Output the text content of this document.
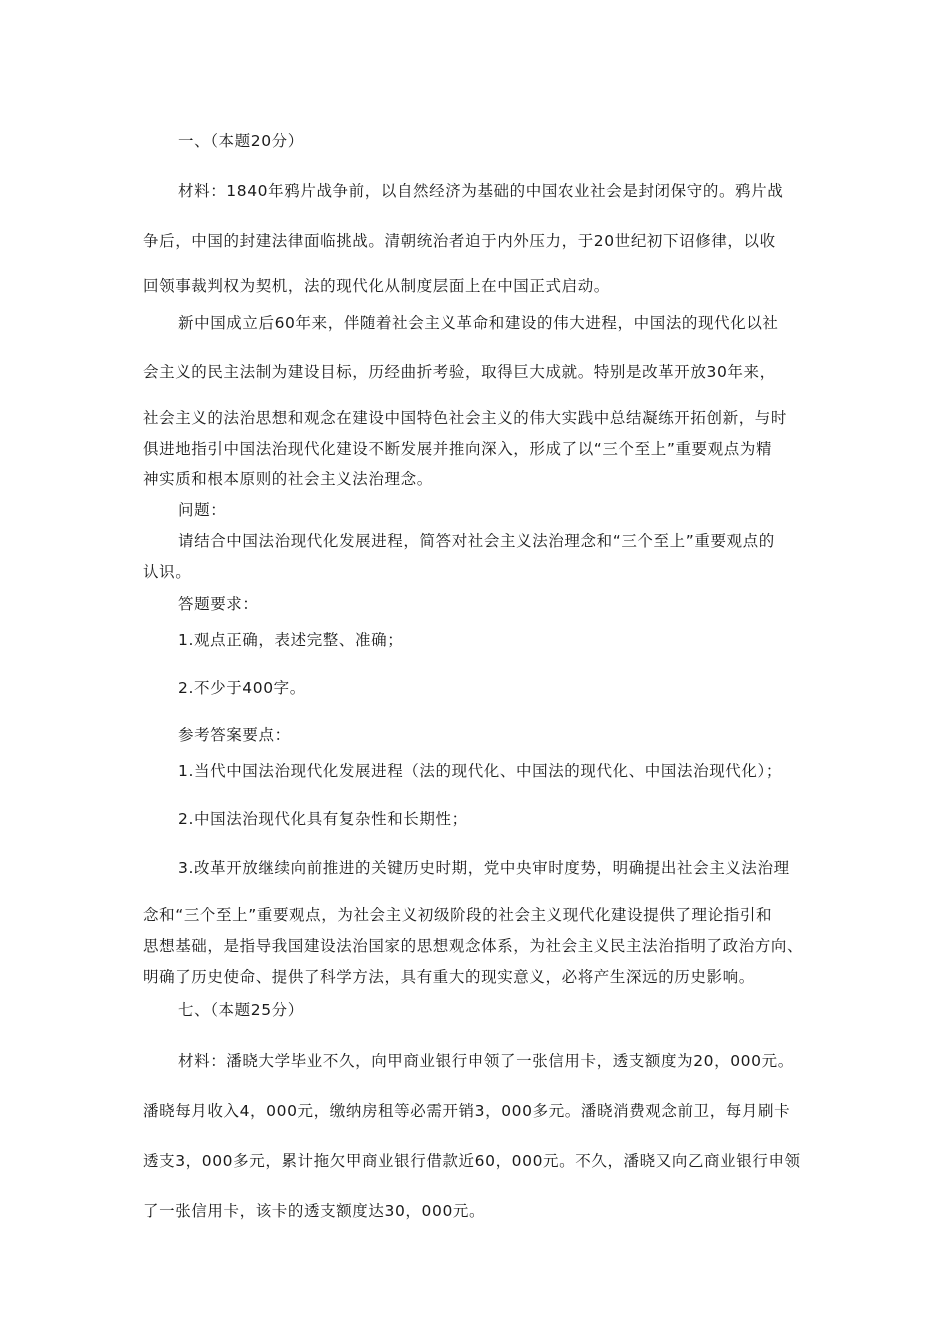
一、（本题20分）

材料：1840年鸦片战争前，以自然经济为基础的中国农业社会是封闭保守的。鸦片战

争后，中国的封建法律面临挑战。清朝统治者迫于内外压力，于20世纪初下诏修律，以收

回领事裁判权为契机，法的现代化从制度层面上在中国正式启动。

新中国成立后60年来，伴随着社会主义革命和建设的伟大进程，中国法的现代化以社

会主义的民主法制为建设目标，历经曲折考验，取得巨大成就。特别是改革开放30年来，

社会主义的法治思想和观念在建设中国特色社会主义的伟大实践中总结凝练开拓创新，与时

俱进地指引中国法治现代化建设不断发展并推向深入，形成了以“三个至上”重要观点为精

神实质和根本原则的社会主义法治理念。

问题：

请结合中国法治现代化发展进程，简答对社会主义法治理念和“三个至上”重要观点的

认识。

答题要求：

1.观点正确，表述完整、准确；

2.不少于400字。

参考答案要点：

1.当代中国法治现代化发展进程（法的现代化、中国法的现代化、中国法治现代化）；

2.中国法治现代化具有复杂性和长期性；

3.改革开放继续向前推进的关键历史时期，党中央审时度势，明确提出社会主义法治理

念和“三个至上”重要观点，为社会主义初级阶段的社会主义现代化建设提供了理论指引和

思想基础，是指导我国建设法治国家的思想观念体系，为社会主义民主法治指明了政治方向、

明确了历史使命、提供了科学方法，具有重大的现实意义，必将产生深远的历史影响。

七、（本题25分）

材料：潘晓大学毕业不久，向甲商业银行申领了一张信用卡，透支额度为20，000元。

潘晓每月收入4，000元，缴纳房租等必需开销3，000多元。潘晓消费观念前卫，每月刷卡

透支3，000多元，累计拖欠甲商业银行借款近60，000元。不久，潘晓又向乙商业银行申领

了一张信用卡，该卡的透支额度达30，000元。
